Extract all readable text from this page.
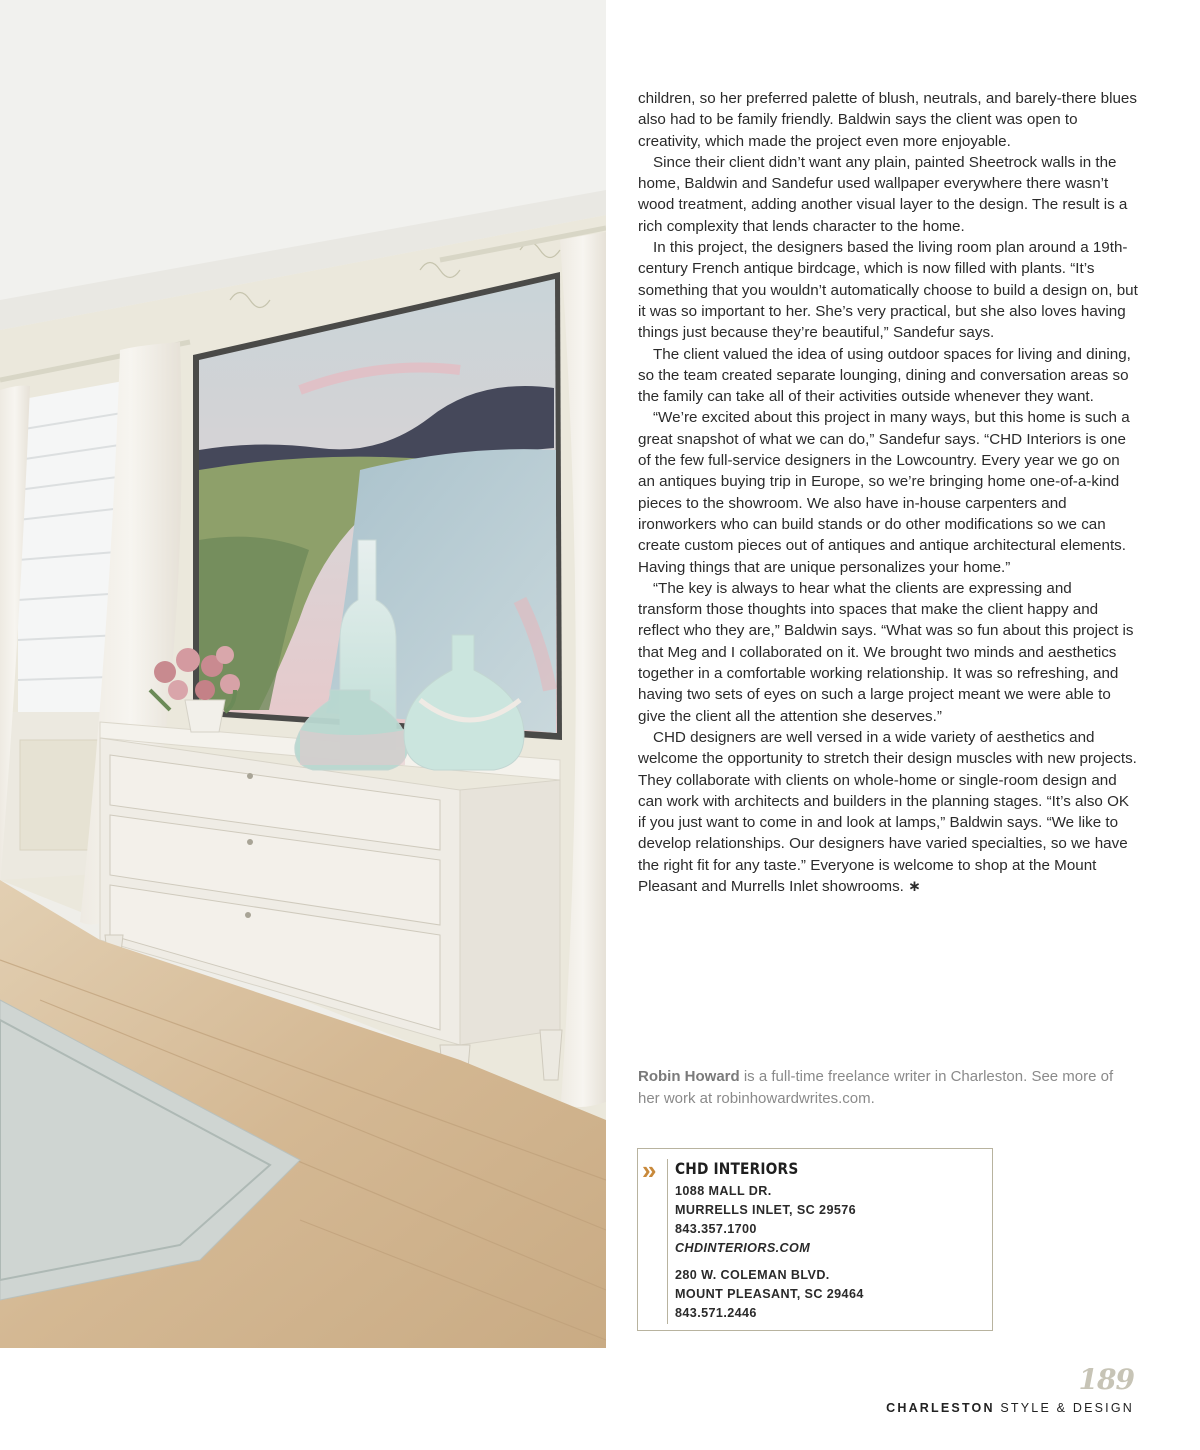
children, so her preferred palette of blush, neutrals, and barely-there blues also had to be family friendly. Baldwin says the client was open to creativity, which made the project even more enjoyable.

Since their client didn’t want any plain, painted Sheetrock walls in the home, Baldwin and Sandefur used wallpaper everywhere there wasn’t wood treatment, adding another visual layer to the design. The result is a rich complexity that lends character to the home.

In this project, the designers based the living room plan around a 19th-century French antique birdcage, which is now filled with plants. “It’s something that you wouldn’t automatically choose to build a design on, but it was so important to her. She’s very practical, but she also loves having things just because they’re beautiful,” Sandefur says.

The client valued the idea of using outdoor spaces for living and dining, so the team created separate lounging, dining and conversation areas so the family can take all of their activities outside whenever they want.

“We’re excited about this project in many ways, but this home is such a great snapshot of what we can do,” Sandefur says. “CHD Interiors is one of the few full-service designers in the Lowcountry. Every year we go on an antiques buying trip in Europe, so we’re bringing home one-of-a-kind pieces to the showroom. We also have in-house carpenters and ironworkers who can build stands or do other modifications so we can create custom pieces out of antiques and antique architectural elements. Having things that are unique personalizes your home.”

“The key is always to hear what the clients are expressing and transform those thoughts into spaces that make the client happy and reflect who they are,” Baldwin says. “What was so fun about this project is that Meg and I collaborated on it. We brought two minds and aesthetics together in a comfortable working relationship. It was so refreshing, and having two sets of eyes on such a large project meant we were able to give the client all the attention she deserves.”

CHD designers are well versed in a wide variety of aesthetics and welcome the opportunity to stretch their design muscles with new projects. They collaborate with clients on whole-home or single-room design and can work with architects and builders in the planning stages. “It’s also OK if you just want to come in and look at lamps,” Baldwin says. “We like to develop relationships. Our designers have varied specialties, so we have the right fit for any taste.” Everyone is welcome to shop at the Mount Pleasant and Murrells Inlet showrooms. ∗

Robin Howard is a full-time freelance writer in Charleston. See more of her work at robinhowardwrites.com.
» CHD INTERIORS
1088 MALL DR.
MURRELLS INLET, SC 29576
843.357.1700
CHDINTERIORS.COM
280 W. COLEMAN BLVD.
MOUNT PLEASANT, SC 29464
843.571.2446
189
CHARLESTON STYLE & DESIGN
